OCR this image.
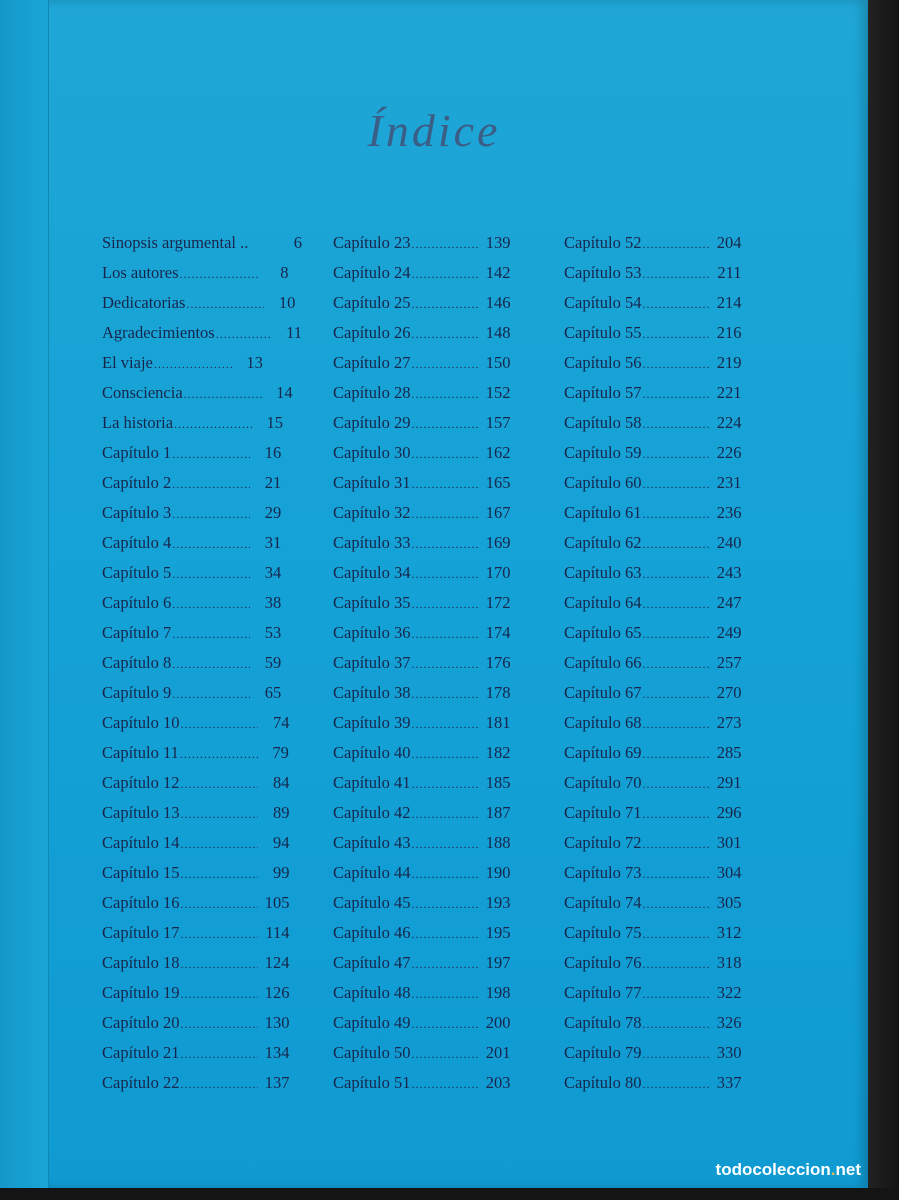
Índice
Sinopsis argumental ..	6
Los autores .....	8
Dedicatorias .....	10
Agradecimientos .....	11
El viaje .....	13
Consciencia .....	14
La historia .....	15
Capítulo 1 .....	16
Capítulo 2 .....	21
Capítulo 3 .....	29
Capítulo 4 .....	31
Capítulo 5 .....	34
Capítulo 6 .....	38
Capítulo 7 .....	53
Capítulo 8 .....	59
Capítulo 9 .....	65
Capítulo 10 .....	74
Capítulo 11 .....	79
Capítulo 12 .....	84
Capítulo 13 .....	89
Capítulo 14 .....	94
Capítulo 15 .....	99
Capítulo 16 .....	105
Capítulo 17 .....	114
Capítulo 18 .....	124
Capítulo 19 .....	126
Capítulo 20 .....	130
Capítulo 21 .....	134
Capítulo 22 .....	137
Capítulo 23 .....	139
Capítulo 24 .....	142
Capítulo 25 .....	146
Capítulo 26 .....	148
Capítulo 27 .....	150
Capítulo 28 .....	152
Capítulo 29 .....	157
Capítulo 30 .....	162
Capítulo 31 .....	165
Capítulo 32 .....	167
Capítulo 33 .....	169
Capítulo 34 .....	170
Capítulo 35 .....	172
Capítulo 36 .....	174
Capítulo 37 .....	176
Capítulo 38 .....	178
Capítulo 39 .....	181
Capítulo 40 .....	182
Capítulo 41 .....	185
Capítulo 42 .....	187
Capítulo 43 .....	188
Capítulo 44 .....	190
Capítulo 45 .....	193
Capítulo 46 .....	195
Capítulo 47 .....	197
Capítulo 48 .....	198
Capítulo 49 .....	200
Capítulo 50 .....	201
Capítulo 51 .....	203
Capítulo 52 .....	204
Capítulo 53 .....	211
Capítulo 54 .....	214
Capítulo 55 .....	216
Capítulo 56 .....	219
Capítulo 57 .....	221
Capítulo 58 .....	224
Capítulo 59 .....	226
Capítulo 60 .....	231
Capítulo 61 .....	236
Capítulo 62 .....	240
Capítulo 63 .....	243
Capítulo 64 .....	247
Capítulo 65 .....	249
Capítulo 66 .....	257
Capítulo 67 .....	270
Capítulo 68 .....	273
Capítulo 69 .....	285
Capítulo 70 .....	291
Capítulo 71 .....	296
Capítulo 72 .....	301
Capítulo 73 .....	304
Capítulo 74 .....	305
Capítulo 75 .....	312
Capítulo 76 .....	318
Capítulo 77 .....	322
Capítulo 78 .....	326
Capítulo 79 .....	330
Capítulo 80 .....	337
todocoleccion.net
